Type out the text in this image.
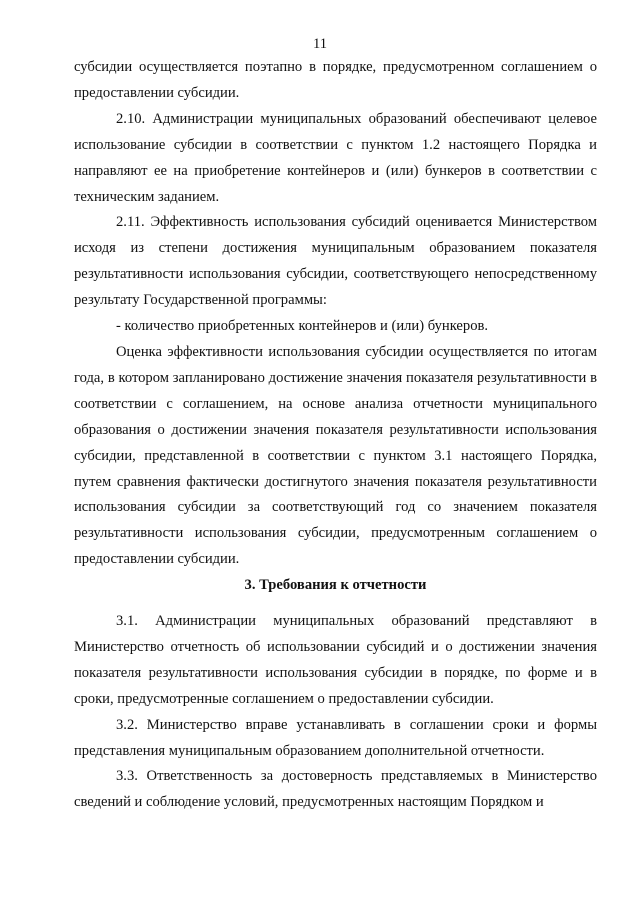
11

субсидии осуществляется поэтапно в порядке, предусмотренном соглашением о предоставлении субсидии.

2.10. Администрации муниципальных образований обеспечивают целевое использование субсидии в соответствии с пунктом 1.2 настоящего Порядка и направляют ее на приобретение контейнеров и (или) бункеров в соответствии с техническим заданием.

2.11. Эффективность использования субсидий оценивается Министерством исходя из степени достижения муниципальным образованием показателя результативности использования субсидии, соответствующего непосредственному результату Государственной программы:

- количество приобретенных контейнеров и (или) бункеров.

Оценка эффективности использования субсидии осуществляется по итогам года, в котором запланировано достижение значения показателя результативности в соответствии с соглашением, на основе анализа отчетности муниципального образования о достижении значения показателя результативности использования субсидии, представленной в соответствии с пунктом 3.1 настоящего Порядка, путем сравнения фактически достигнутого значения показателя результативности использования субсидии за соответствующий год со значением показателя результативности использования субсидии, предусмотренным соглашением о предоставлении субсидии.

3. Требования к отчетности

3.1. Администрации муниципальных образований представляют в Министерство отчетность об использовании субсидий и о достижении значения показателя результативности использования субсидии в порядке, по форме и в сроки, предусмотренные соглашением о предоставлении субсидии.

3.2. Министерство вправе устанавливать в соглашении сроки и формы представления муниципальным образованием дополнительной отчетности.

3.3. Ответственность за достоверность представляемых в Министерство сведений и соблюдение условий, предусмотренных настоящим Порядком и
